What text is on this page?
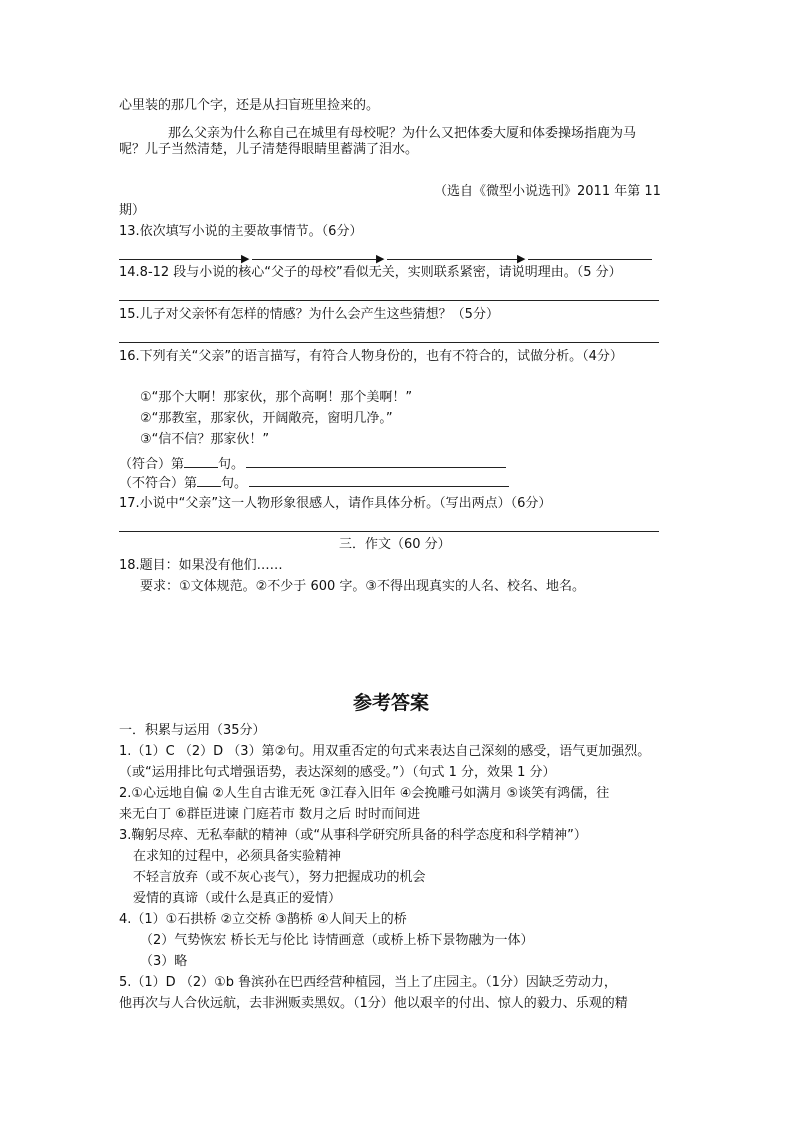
心里装的那几个字，还是从扫盲班里捡来的。
那么父亲为什么称自己在城里有母校呢？为什么又把体委大厦和体委操场指鹿为马
呢？儿子当然清楚，儿子清楚得眼睛里蓄满了泪水。
（选自《微型小说选刊》2011 年第 11
期）
13.依次填写小说的主要故事情节。（6分）
▶	▶	▶
14.8-12 段与小说的核心“父子的母校”看似无关，实则联系紧密，请说明理由。（5 分）
15.儿子对父亲怀有怎样的情感？为什么会产生这些猜想？（5分）
16.下列有关“父亲”的语言描写，有符合人物身份的，也有不符合的，试做分析。（4分）
①“那个大啊！那家伙，那个高啊！那个美啊！”
②“那教室，那家伙，开阔敞亮，窗明几净。”
③“信不信？那家伙！”
（符合）第	句。
（不符合）第 句。
17.小说中“父亲”这一人物形象很感人，请作具体分析。（写出两点）（6分）
三．作文（60 分）
18.题目：如果没有他们……
要求：①文体规范。②不少于 600 字。③不得出现真实的人名、校名、地名。
参考答案
一．积累与运用（35分）
1.（1）C （2）D （3）第②句。用双重否定的句式来表达自己深刻的感受，语气更加强烈。
（或“运用排比句式增强语势，表达深刻的感受。”）（句式 1 分，效果 1 分）
2.①心远地自偏 ②人生自古谁无死 ③江春入旧年 ④会挽雕弓如满月 ⑤谈笑有鸿儒，往
来无白丁 ⑥群臣进谏 门庭若市 数月之后 时时而间进
3.鞠躬尽瘁、无私奉献的精神（或“从事科学研究所具备的科学态度和科学精神”）
在求知的过程中，必须具备实验精神
不轻言放弃（或不灰心丧气），努力把握成功的机会
爱情的真谛（或什么是真正的爱情）
4.（1）①石拱桥 ②立交桥 ③鹊桥 ④人间天上的桥
（2）气势恢宏 桥长无与伦比 诗情画意（或桥上桥下景物融为一体）
（3）略
5.（1）D （2）①b 鲁滨孙在巴西经营种植园，当上了庄园主。（1分）因缺乏劳动力，
他再次与人合伙远航，去非洲贩卖黑奴。（1分）他以艰辛的付出、惊人的毅力、乐观的精
